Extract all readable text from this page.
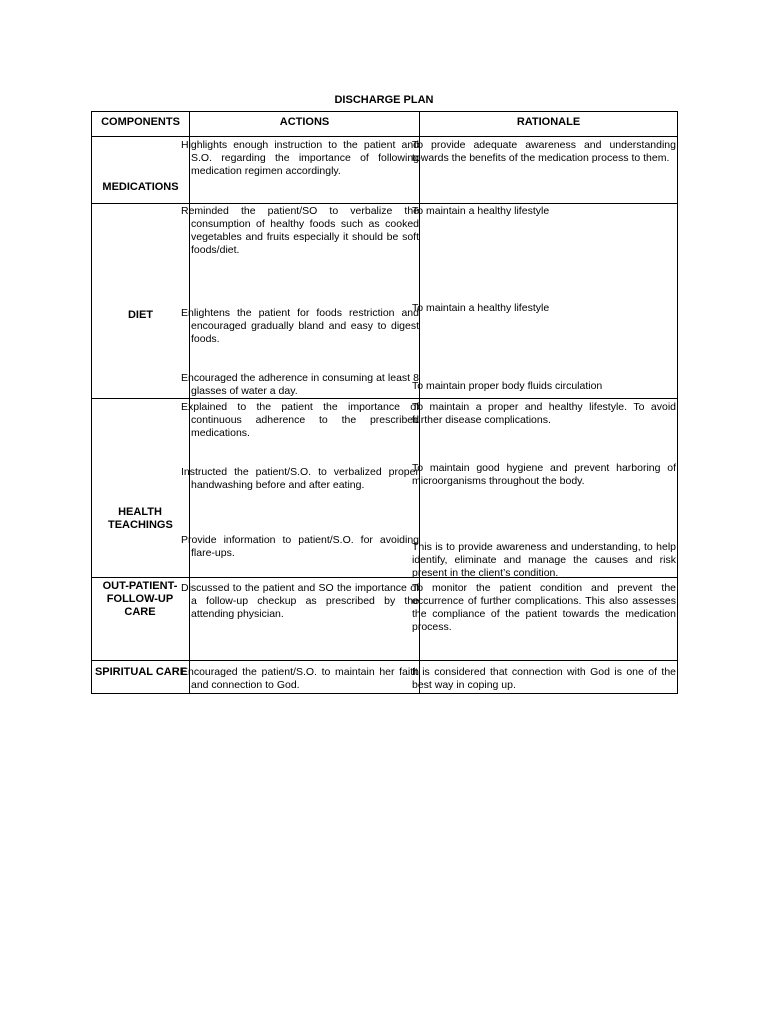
DISCHARGE PLAN
COMPONENTS	ACTIONS	RATIONALE
MEDICATIONS
Highlights enough instruction to the patient and S.O. regarding the importance of following medication regimen accordingly.
To provide adequate awareness and understanding towards the benefits of the medication process to them.
DIET
Reminded the patient/SO to verbalize the consumption of healthy foods such as cooked vegetables and fruits especially it should be soft foods/diet.
Enlightens the patient for foods restriction and encouraged gradually bland and easy to digest foods.
Encouraged the adherence in consuming at least 8 glasses of water a day.
To maintain a healthy lifestyle
To maintain a healthy lifestyle
To maintain proper body fluids circulation
HEALTH TEACHINGS
Explained to the patient the importance of continuous adherence to the prescribed medications.
Instructed the patient/S.O. to verbalized proper handwashing before and after eating.
Provide information to patient/S.O. for avoiding flare-ups.
To maintain a proper and healthy lifestyle. To avoid further disease complications.
To maintain good hygiene and prevent harboring of microorganisms throughout the body.
This is to provide awareness and understanding, to help identify, eliminate and manage the causes and risk present in the client’s condition.
OUT-PATIENT- FOLLOW-UP CARE
Discussed to the patient and SO the importance of a follow-up checkup as prescribed by the attending physician.
To monitor the patient condition and prevent the occurrence of further complications. This also assesses the compliance of the patient towards the medication process.
SPIRITUAL CARE
Encouraged the patient/S.O. to maintain her faith and connection to God.
It is considered that connection with God is one of the best way in coping up.
